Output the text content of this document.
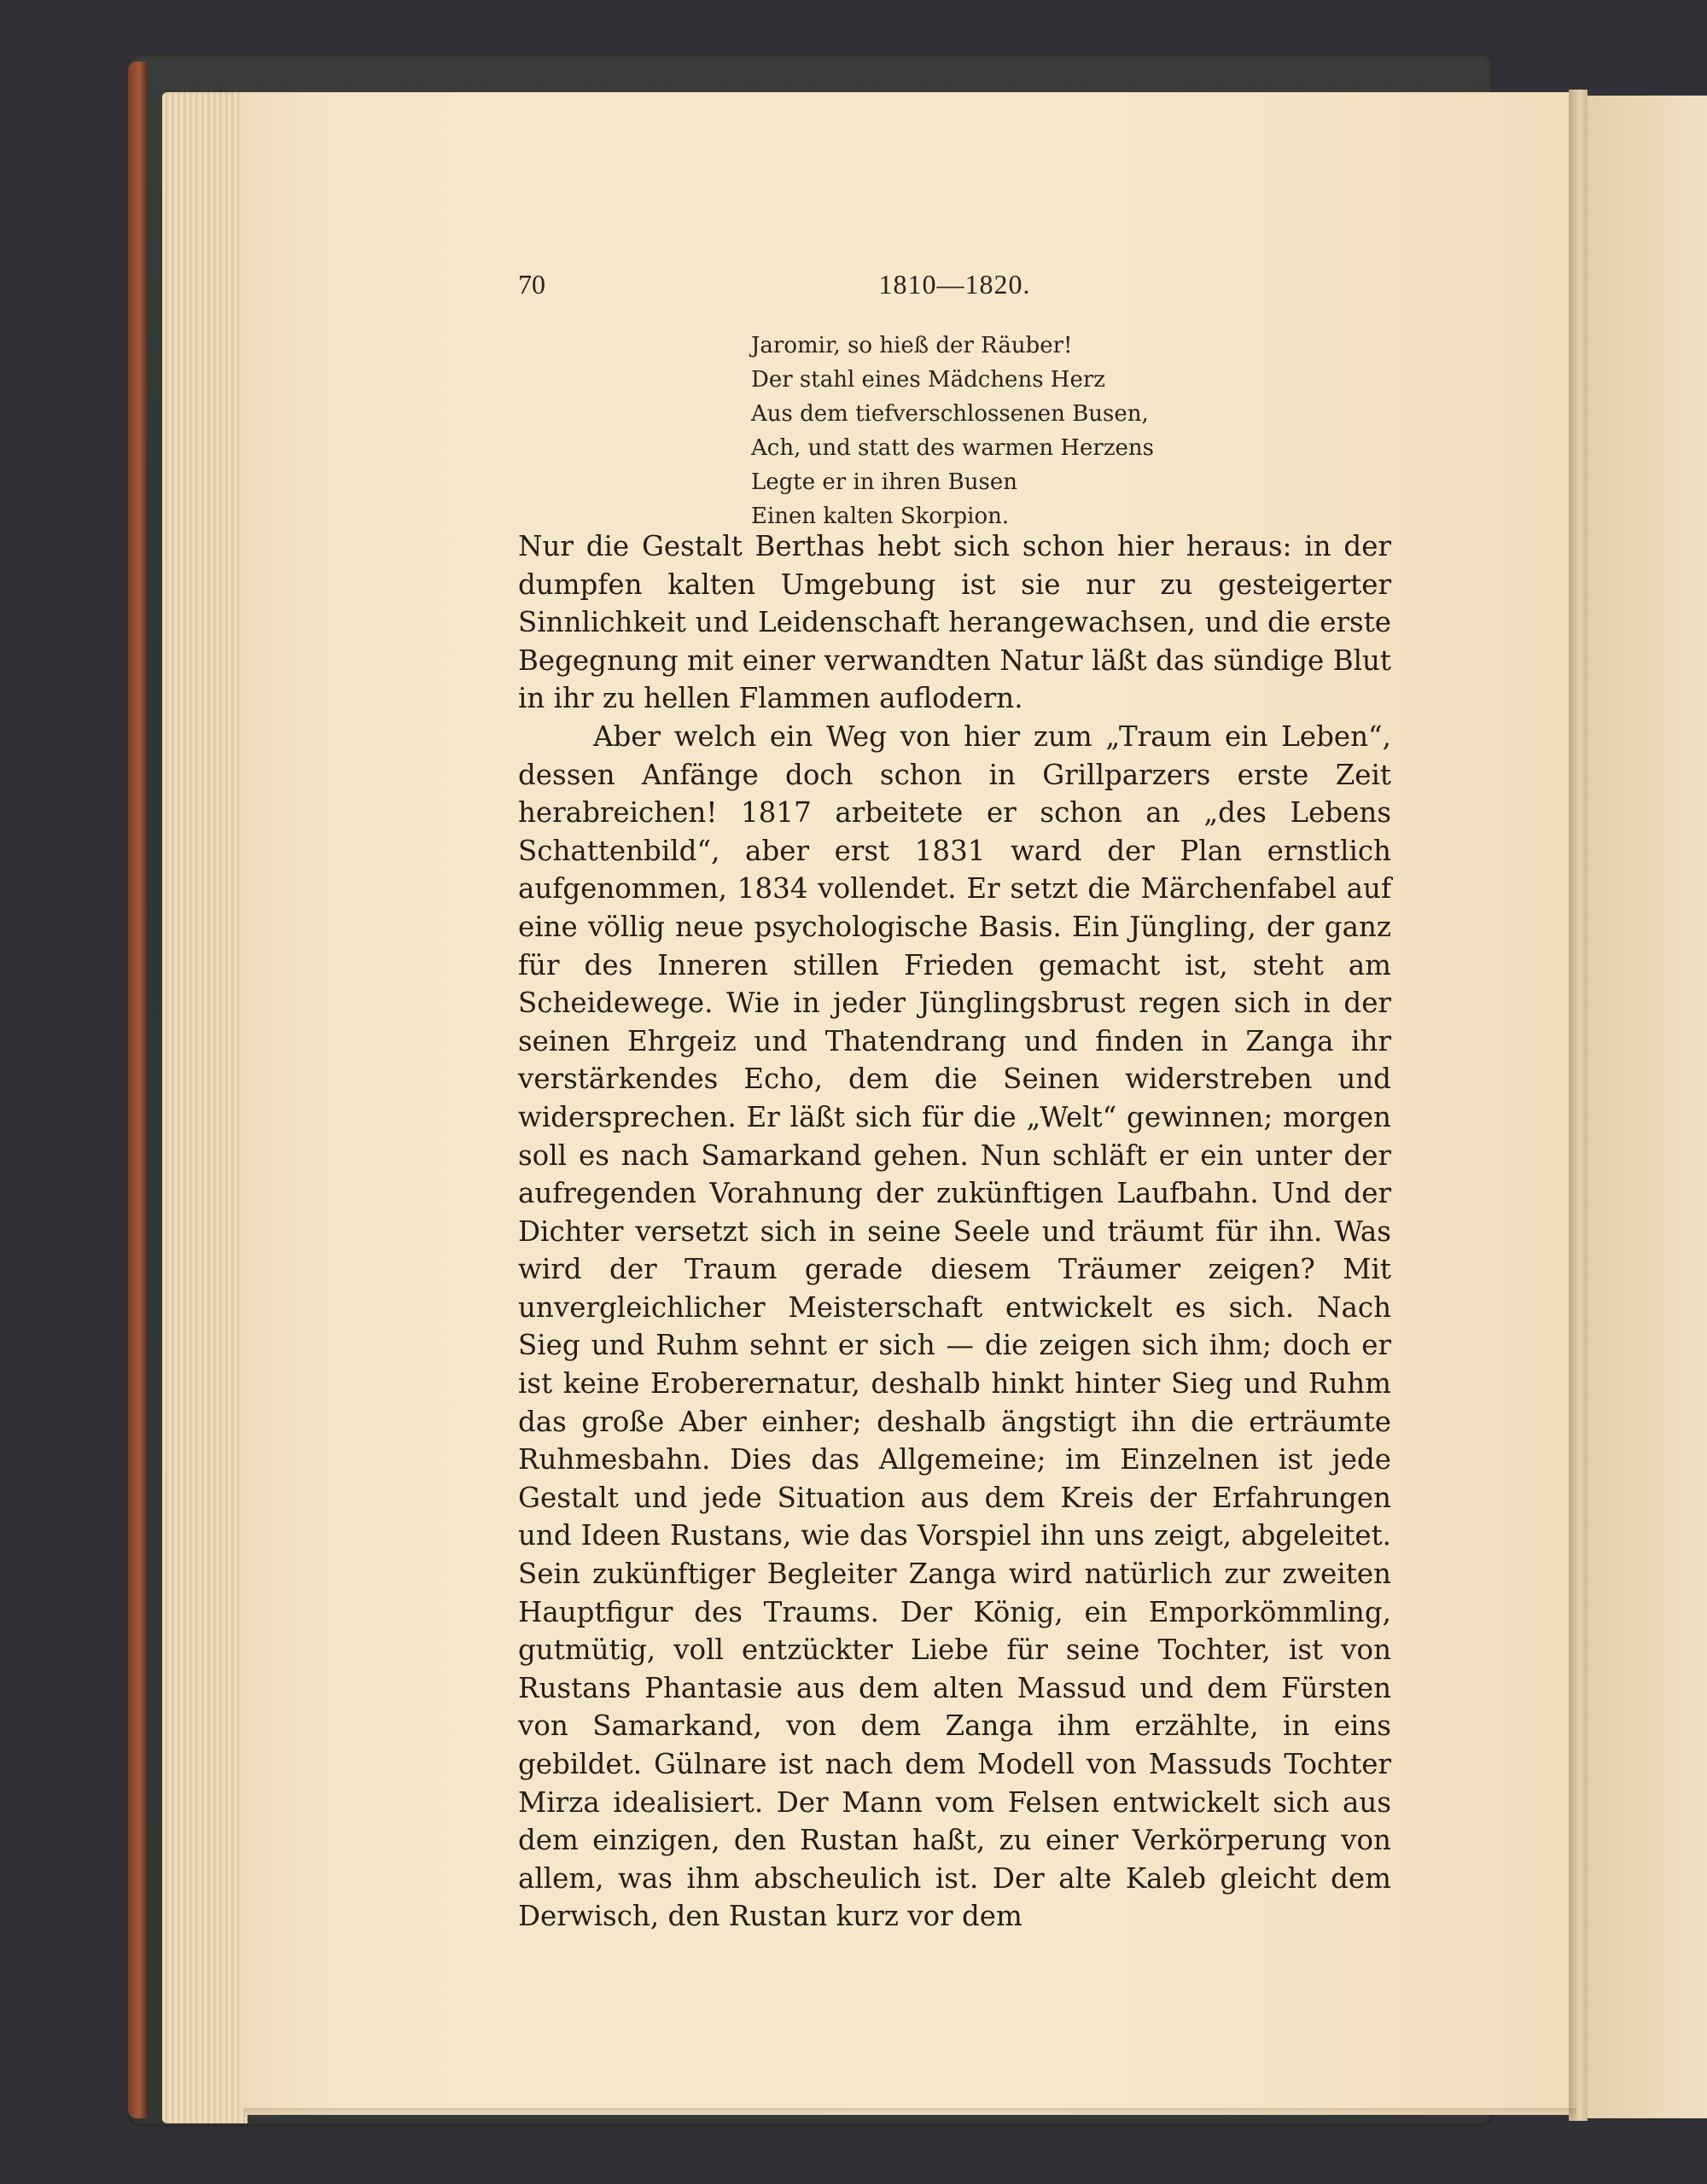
70	1810—1820.
Jaromir, so hieß der Räuber!
Der stahl eines Mädchens Herz
Aus dem tiefverschlossenen Busen,
Ach, und statt des warmen Herzens
Legte er in ihren Busen
Einen kalten Skorpion.

Nur die Gestalt Berthas hebt sich schon hier heraus: in der dumpfen kalten Umgebung ist sie nur zu gesteigerter Sinnlichkeit und Leidenschaft herangewachsen, und die erste Begegnung mit einer verwandten Natur läßt das sündige Blut in ihr zu hellen Flammen auflodern.

Aber welch ein Weg von hier zum „Traum ein Leben“, dessen Anfänge doch schon in Grillparzers erste Zeit herabreichen! 1817 arbeitete er schon an „des Lebens Schattenbild“, aber erst 1831 ward der Plan ernstlich aufgenommen, 1834 vollendet. Er setzt die Märchenfabel auf eine völlig neue psychologische Basis. Ein Jüngling, der ganz für des Inneren stillen Frieden gemacht ist, steht am Scheidewege. Wie in jeder Jünglingsbrust regen sich in der seinen Ehrgeiz und Thatendrang und finden in Zanga ihr verstärkendes Echo, dem die Seinen widerstreben und widersprechen. Er läßt sich für die „Welt“ gewinnen; morgen soll es nach Samarkand gehen. Nun schläft er ein unter der aufregenden Vorahnung der zukünftigen Laufbahn. Und der Dichter versetzt sich in seine Seele und träumt für ihn. Was wird der Traum gerade diesem Träumer zeigen? Mit unvergleichlicher Meisterschaft entwickelt es sich. Nach Sieg und Ruhm sehnt er sich — die zeigen sich ihm; doch er ist keine Eroberernatur, deshalb hinkt hinter Sieg und Ruhm das große Aber einher; deshalb ängstigt ihn die erträumte Ruhmesbahn. Dies das Allgemeine; im Einzelnen ist jede Gestalt und jede Situation aus dem Kreis der Erfahrungen und Ideen Rustans, wie das Vorspiel ihn uns zeigt, abgeleitet. Sein zukünftiger Begleiter Zanga wird natürlich zur zweiten Hauptfigur des Traums. Der König, ein Emporkömmling, gutmütig, voll entzückter Liebe für seine Tochter, ist von Rustans Phantasie aus dem alten Massud und dem Fürsten von Samarkand, von dem Zanga ihm erzählte, in eins gebildet. Gülnare ist nach dem Modell von Massuds Tochter Mirza idealisiert. Der Mann vom Felsen entwickelt sich aus dem einzigen, den Rustan haßt, zu einer Verkörperung von allem, was ihm abscheulich ist. Der alte Kaleb gleicht dem Derwisch, den Rustan kurz vor dem
